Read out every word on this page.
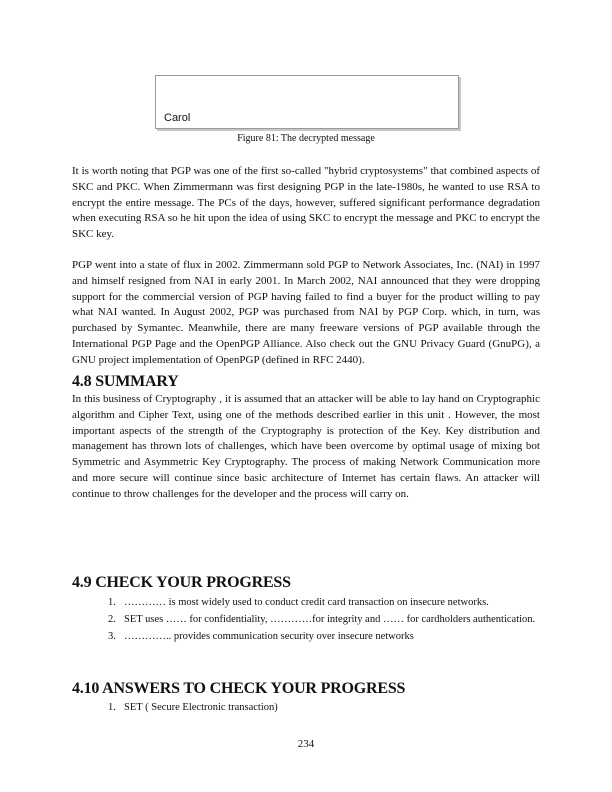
Carol
Figure 81: The decrypted message

It is worth noting that PGP was one of the first so-called "hybrid cryptosystems" that combined aspects of SKC and PKC. When Zimmermann was first designing PGP in the late-1980s, he wanted to use RSA to encrypt the entire message. The PCs of the days, however, suffered significant performance degradation when executing RSA so he hit upon the idea of using SKC to encrypt the message and PKC to encrypt the SKC key.

PGP went into a state of flux in 2002. Zimmermann sold PGP to Network Associates, Inc. (NAI) in 1997 and himself resigned from NAI in early 2001. In March 2002, NAI announced that they were dropping support for the commercial version of PGP having failed to find a buyer for the product willing to pay what NAI wanted. In August 2002, PGP was purchased from NAI by PGP Corp. which, in turn, was purchased by Symantec. Meanwhile, there are many freeware versions of PGP available through the International PGP Page and the OpenPGP Alliance. Also check out the GNU Privacy Guard (GnuPG), a GNU project implementation of OpenPGP (defined in RFC 2440).

4.8 SUMMARY

In this business of Cryptography , it is assumed that an attacker will be able to lay hand on Cryptographic algorithm and Cipher Text, using one of the methods described earlier in this unit . However, the most important aspects of the strength of the Cryptography is protection of the Key. Key distribution and management has thrown lots of challenges, which have been overcome by optimal usage of mixing bot Symmetric and Asymmetric Key Cryptography. The process of making Network Communication more and more secure will continue since basic architecture of Internet has certain flaws. An attacker will continue to throw challenges for the developer and the process will carry on.

4.9 CHECK YOUR PROGRESS
1. ………… is most widely used to conduct credit card transaction on insecure networks.
2. SET uses …… for confidentiality, …………for integrity and …… for cardholders authentication.
3. ………….. provides communication security over insecure networks
4.10 ANSWERS TO CHECK YOUR PROGRESS
1. SET ( Secure Electronic transaction)
234
